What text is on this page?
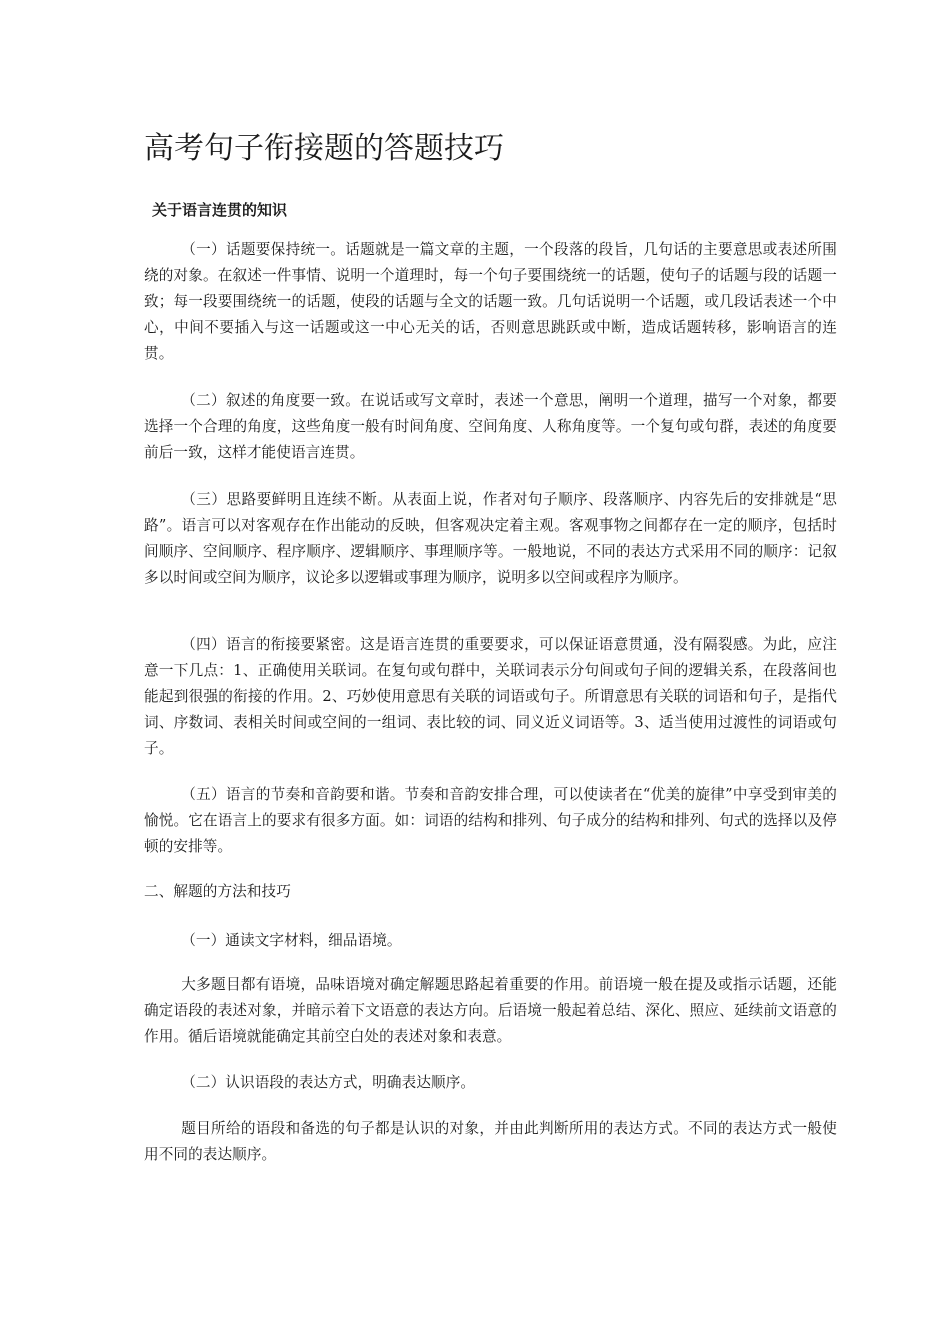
高考句子衔接题的答题技巧
关于语言连贯的知识

（一）话题要保持统一。话题就是一篇文章的主题，一个段落的段旨，几句话的主要意思或表述所围绕的对象。在叙述一件事情、说明一个道理时，每一个句子要围绕统一的话题，使句子的话题与段的话题一致；每一段要围绕统一的话题，使段的话题与全文的话题一致。几句话说明一个话题，或几段话表述一个中心，中间不要插入与这一话题或这一中心无关的话，否则意思跳跃或中断，造成话题转移，影响语言的连贯。

（二）叙述的角度要一致。在说话或写文章时，表述一个意思，阐明一个道理，描写一个对象，都要选择一个合理的角度，这些角度一般有时间角度、空间角度、人称角度等。一个复句或句群，表述的角度要前后一致，这样才能使语言连贯。

（三）思路要鲜明且连续不断。从表面上说，作者对句子顺序、段落顺序、内容先后的安排就是“思路”。语言可以对客观存在作出能动的反映，但客观决定着主观。客观事物之间都存在一定的顺序，包括时间顺序、空间顺序、程序顺序、逻辑顺序、事理顺序等。一般地说，不同的表达方式采用不同的顺序：记叙多以时间或空间为顺序，议论多以逻辑或事理为顺序，说明多以空间或程序为顺序。

（四）语言的衔接要紧密。这是语言连贯的重要要求，可以保证语意贯通，没有隔裂感。为此，应注意一下几点：1、正确使用关联词。在复句或句群中，关联词表示分句间或句子间的逻辑关系，在段落间也能起到很强的衔接的作用。2、巧妙使用意思有关联的词语或句子。所谓意思有关联的词语和句子，是指代词、序数词、表相关时间或空间的一组词、表比较的词、同义近义词语等。3、适当使用过渡性的词语或句子。

（五）语言的节奏和音韵要和谐。节奏和音韵安排合理，可以使读者在“优美的旋律”中享受到审美的愉悦。它在语言上的要求有很多方面。如：词语的结构和排列、句子成分的结构和排列、句式的选择以及停顿的安排等。

二、解题的方法和技巧

（一）通读文字材料，细品语境。

大多题目都有语境，品味语境对确定解题思路起着重要的作用。前语境一般在提及或指示话题，还能确定语段的表述对象，并暗示着下文语意的表达方向。后语境一般起着总结、深化、照应、延续前文语意的作用。循后语境就能确定其前空白处的表述对象和表意。

（二）认识语段的表达方式，明确表达顺序。

题目所给的语段和备选的句子都是认识的对象，并由此判断所用的表达方式。不同的表达方式一般使用不同的表达顺序。
